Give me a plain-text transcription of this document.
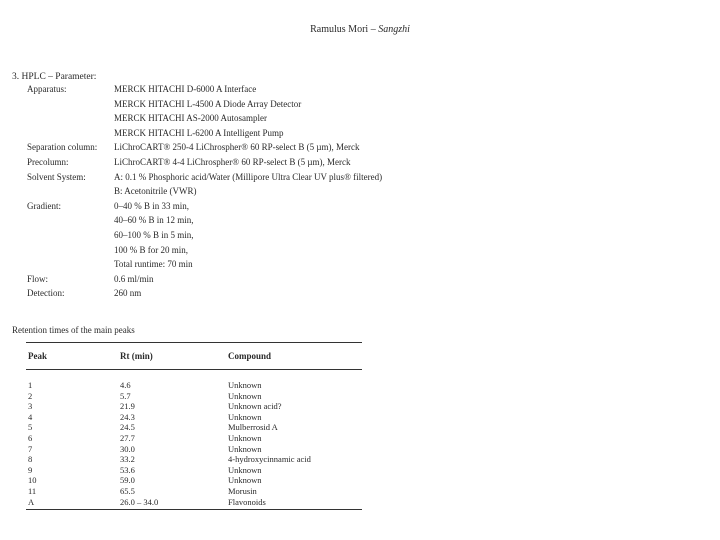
Ramulus Mori – Sangzhi
3. HPLC – Parameter:
Apparatus:	MERCK HITACHI D-6000 A Interface
MERCK HITACHI L-4500 A Diode Array Detector
MERCK HITACHI AS-2000 Autosampler
MERCK HITACHI L-6200 A Intelligent Pump
Separation column: LiChroCART® 250-4 LiChrospher® 60 RP-select B (5 µm), Merck
Precolumn:	LiChroCART® 4-4 LiChrospher® 60 RP-select B (5 µm), Merck
Solvent System:	A: 0.1 % Phosphoric acid/Water (Millipore Ultra Clear UV plus® filtered)
B: Acetonitrile (VWR)
Gradient:	0–40 % B in 33 min,
40–60 % B in 12 min,
60–100 % B in 5 min,
100 % B for 20 min,
Total runtime: 70 min
Flow:	0.6 ml/min
Detection:	260 nm
Retention times of the main peaks
Peak	Rt (min)	Compound
1	4.6	Unknown
2	5.7	Unknown
3	21.9	Unknown acid?
4	24.3	Unknown
5	24.5	Mulberrosid A
6	27.7	Unknown
7	30.0	Unknown
8	33.2	4-hydroxycinnamic acid
9	53.6	Unknown
10	59.0	Unknown
11	65.5	Morusin
A	26.0 – 34.0	Flavonoids
